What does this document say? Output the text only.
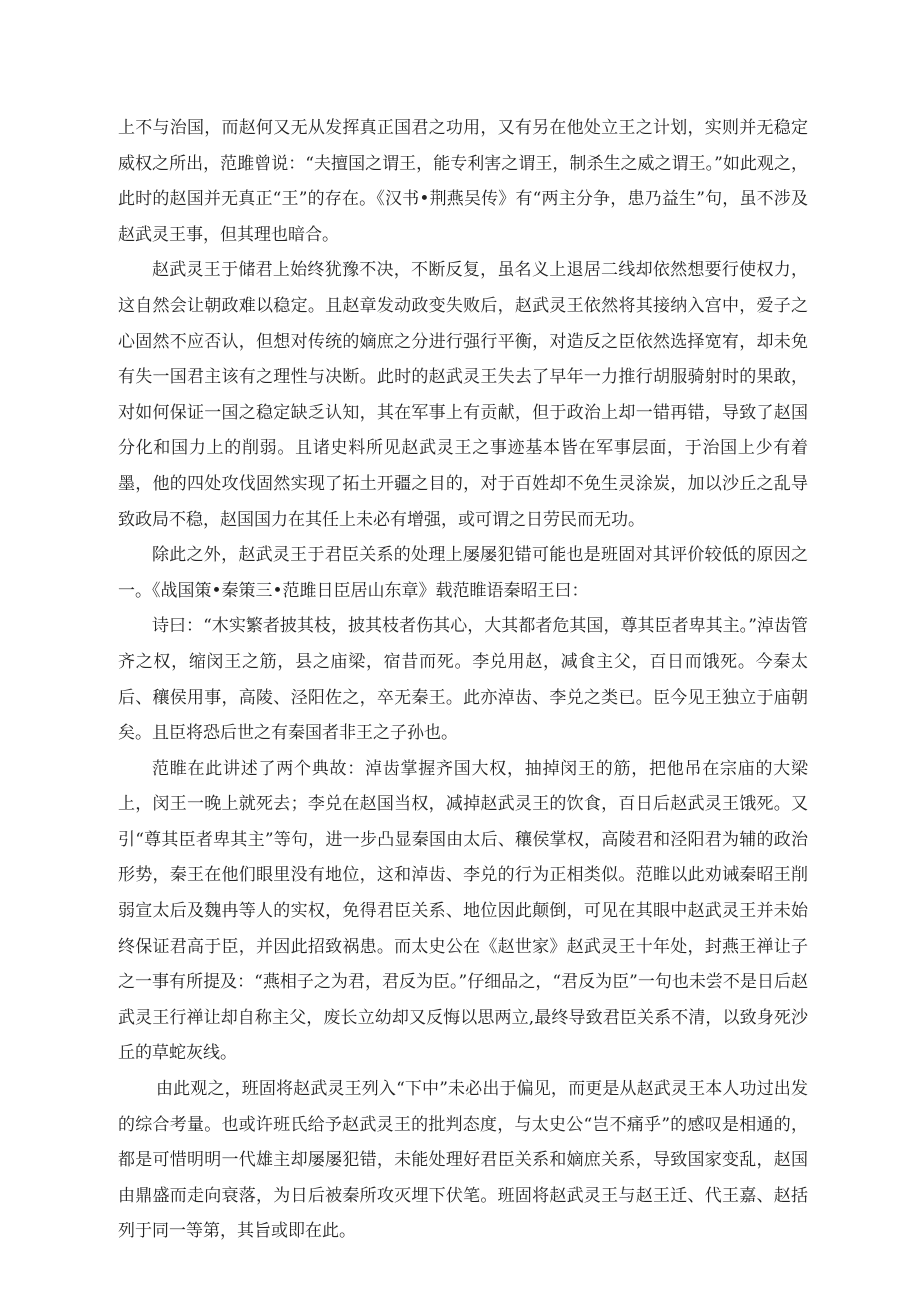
上不与治国，而赵何又无从发挥真正国君之功用，又有另在他处立王之计划，实则并无稳定威权之所出，范雎曾说：“夫擅国之谓王，能专利害之谓王，制杀生之威之谓王。”如此观之，此时的赵国并无真正“王”的存在。《汉书•荆燕吴传》有“两主分争，患乃益生”句，虽不涉及赵武灵王事，但其理也暗合。

赵武灵王于储君上始终犹豫不决，不断反复，虽名义上退居二线却依然想要行使权力，这自然会让朝政难以稳定。且赵章发动政变失败后，赵武灵王依然将其接纳入宫中，爱子之心固然不应否认，但想对传统的嫡庶之分进行强行平衡，对造反之臣依然选择宽宥，却未免有失一国君主该有之理性与决断。此时的赵武灵王失去了早年一力推行胡服骑射时的果敢，对如何保证一国之稳定缺乏认知，其在军事上有贡献，但于政治上却一错再错，导致了赵国分化和国力上的削弱。且诸史料所见赵武灵王之事迹基本皆在军事层面，于治国上少有着墨，他的四处攻伐固然实现了拓土开疆之目的，对于百姓却不免生灵涂炭，加以沙丘之乱导致政局不稳，赵国国力在其任上未必有增强，或可谓之日劳民而无功。

除此之外，赵武灵王于君臣关系的处理上屡屡犯错可能也是班固对其评价较低的原因之一。《战国策•秦策三•范雎日臣居山东章》载范睢语秦昭王曰：

诗曰：“木实繁者披其枝，披其枝者伤其心，大其都者危其国，尊其臣者卑其主。”淖齿管齐之权，缩闵王之筋，县之庙梁，宿昔而死。李兑用赵，减食主父，百日而饿死。今秦太后、穰侯用事，高陵、泾阳佐之，卒无秦王。此亦淖齿、李兑之类已。臣今见王独立于庙朝矣。且臣将恐后世之有秦国者非王之子孙也。

范睢在此讲述了两个典故：淖齿掌握齐国大权，抽掉闵王的筋，把他吊在宗庙的大梁上，闵王一晚上就死去；李兑在赵国当权，减掉赵武灵王的饮食，百日后赵武灵王饿死。又引“尊其臣者卑其主”等句，进一步凸显秦国由太后、穰侯掌权，高陵君和泾阳君为辅的政治形势，秦王在他们眼里没有地位，这和淖齿、李兑的行为正相类似。范睢以此劝诫秦昭王削弱宣太后及魏冉等人的实权，免得君臣关系、地位因此颠倒，可见在其眼中赵武灵王并未始终保证君高于臣，并因此招致祸患。而太史公在《赵世家》赵武灵王十年处，封燕王禅让子之一事有所提及：“燕相子之为君，君反为臣。”仔细品之，“君反为臣”一句也未尝不是日后赵武灵王行禅让却自称主父，废长立幼却又反悔以思两立,最终导致君臣关系不清，以致身死沙丘的草蛇灰线。

由此观之，班固将赵武灵王列入“下中”未必出于偏见，而更是从赵武灵王本人功过出发的综合考量。也或许班氏给予赵武灵王的批判态度，与太史公“岂不痛乎”的感叹是相通的，都是可惜明明一代雄主却屡屡犯错，未能处理好君臣关系和嫡庶关系，导致国家变乱，赵国由鼎盛而走向衰落，为日后被秦所攻灭埋下伏笔。班固将赵武灵王与赵王迁、代王嘉、赵括列于同一等第，其旨或即在此。
